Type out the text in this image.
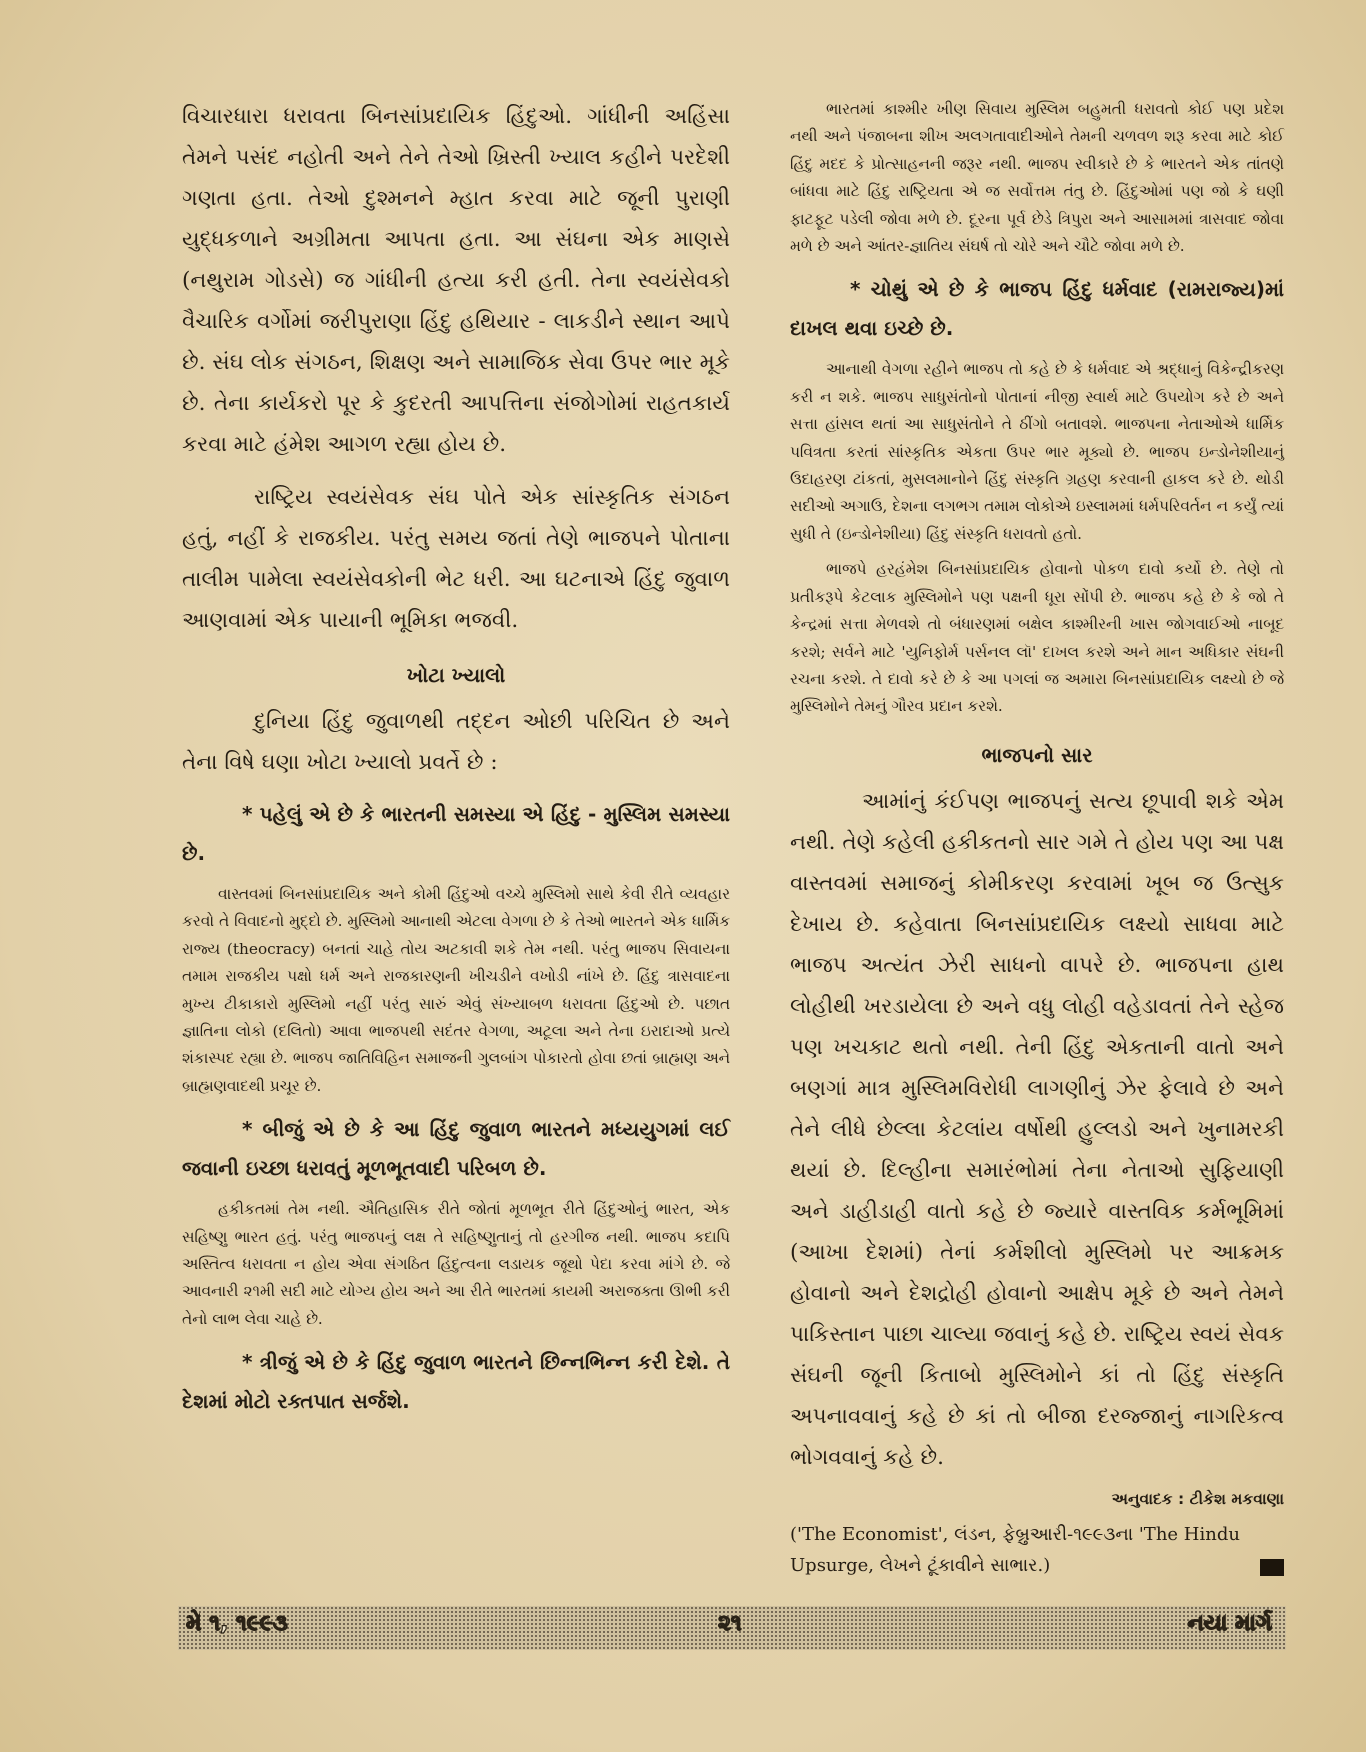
વિચારધારા ધરાવતા બિનસાંપ્રદાયિક હિંદુઓ. ગાંધીની અહિંસા તેમને પસંદ નહોતી અને તેને તેઓ ખ્રિસ્તી ખ્યાલ કહીને પરદેશી ગણતા હતા. તેઓ દુશ્મનને મ્હાત કરવા માટે જૂની પુરાણી યુદ્ધકળાને અગ્રીમતા આપતા હતા. આ સંઘના એક માણસે (નથુરામ ગોડસે) જ ગાંધીની હત્યા કરી હતી. તેના સ્વયંસેવકો વૈચારિક વર્ગોમાં જરીપુરાણા હિંદુ હથિયાર - લાકડીને સ્થાન આપે છે. સંઘ લોક સંગઠન, શિક્ષણ અને સામાજિક સેવા ઉપર ભાર મૂકે છે. તેના કાર્યકરો પૂર કે કુદરતી આપત્તિના સંજોગોમાં રાહતકાર્ય કરવા માટે હંમેશ આગળ રહ્યા હોય છે.

રાષ્ટ્રિય સ્વયંસેવક સંઘ પોતે એક સાંસ્કૃતિક સંગઠન હતું, નહીં કે રાજકીય. પરંતુ સમય જતાં તેણે ભાજપને પોતાના તાલીમ પામેલા સ્વયંસેવકોની ભેટ ધરી. આ ઘટનાએ હિંદુ જુવાળ આણવામાં એક પાયાની ભૂમિકા ભજવી.

ખોટા ખ્યાલો

દુનિયા હિંદુ જુવાળથી તદ્દન ઓછી પરિચિત છે અને તેના વિષે ઘણા ખોટા ખ્યાલો પ્રવર્તે છે :

* પહેલું એ છે કે ભારતની સમસ્યા એ હિંદુ - મુસ્લિમ સમસ્યા છે.

વાસ્તવમાં બિનસાંપ્રદાયિક અને કોમી હિંદુઓ વચ્ચે મુસ્લિમો સાથે કેવી રીતે વ્યવહાર કરવો તે વિવાદનો મુદ્દો છે. મુસ્લિમો આનાથી એટલા વેગળા છે કે તેઓ ભારતને એક ધાર્મિક રાજ્ય (theocracy) બનતાં ચાહે તોય અટકાવી શકે તેમ નથી. પરંતુ ભાજપ સિવાયના તમામ રાજકીય પક્ષો ધર્મ અને રાજકારણની ખીચડીને વખોડી નાંખે છે. હિંદુ ત્રાસવાદના મુખ્ય ટીકાકારો મુસ્લિમો નહીં પરંતુ સારું એવું સંખ્યાબળ ધરાવતા હિંદુઓ છે. પછાત જ્ઞાતિના લોકો (દલિતો) આવા ભાજપથી સદંતર વેગળા, અટૂલા અને તેના ઇરાદાઓ પ્રત્યે શંકાસ્પદ રહ્યા છે. ભાજપ જાતિવિહિન સમાજની ગુલબાંગ પોકારતો હોવા છતાં બ્રાહ્મણ અને બ્રાહ્મણવાદથી પ્રચૂર છે.

* બીજું એ છે કે આ હિંદુ જુવાળ ભારતને મધ્યયુગમાં લઈ જવાની ઇચ્છા ધરાવતું મૂળભૂતવાદી પરિબળ છે.

હકીકતમાં તેમ નથી. ઐતિહાસિક રીતે જોતાં મૂળભૂત રીતે હિંદુઓનું ભારત, એક સહિષ્ણુ ભારત હતું. પરંતુ ભાજપનું લક્ષ તે સહિષ્ણુતાનું તો હરગીજ નથી. ભાજપ કદાપિ અસ્તિત્વ ધરાવતા ન હોય એવા સંગઠિત હિંદુત્વના લડાયક જૂથો પેદા કરવા માંગે છે. જે આવનારી ૨૧મી સદી માટે યોગ્ય હોય અને આ રીતે ભારતમાં કાયમી અરાજક્તા ઊભી કરી તેનો લાભ લેવા ચાહે છે.

* ત્રીજું એ છે કે હિંદુ જુવાળ ભારતને છિન્નભિન્ન કરી દેશે. તે દેશમાં મોટો રક્તપાત સર્જશે.

ભારતમાં કાશ્મીર ખીણ સિવાય મુસ્લિમ બહુમતી ધરાવતો કોઈ પણ પ્રદેશ નથી અને પંજાબના શીખ અલગતાવાદીઓને તેમની ચળવળ શરૂ કરવા માટે કોઈ હિંદુ મદદ કે પ્રોત્સાહનની જરૂર નથી. ભાજપ સ્વીકારે છે કે ભારતને એક તાંતણે બાંધવા માટે હિંદુ રાષ્ટ્રિયતા એ જ સર્વોત્તમ તંતુ છે. હિંદુઓમાં પણ જો કે ઘણી ફાટફૂટ પડેલી જોવા મળે છે. દૂરના પૂર્વ છેડે ત્રિપુરા અને આસામમાં ત્રાસવાદ જોવા મળે છે અને આંતર-જ્ઞાતિય સંઘર્ષ તો ચોરે અને ચૌટે જોવા મળે છે.

* ચોથું એ છે કે ભાજપ હિંદુ ધર્મવાદ (રામરાજ્ય)માં દાખલ થવા ઇચ્છે છે.

આનાથી વેગળા રહીને ભાજપ તો કહે છે કે ધર્મવાદ એ શ્રદ્ધાનું વિકેન્દ્રીકરણ કરી ન શકે. ભાજપ સાધુસંતોનો પોતાનાં નીજી સ્વાર્થ માટે ઉપયોગ કરે છે અને સત્તા હાંસલ થતાં આ સાધુસંતોને તે ઠીંગો બતાવશે. ભાજપના નેતાઓએ ધાર્મિક પવિત્રતા કરતાં સાંસ્કૃતિક એકતા ઉપર ભાર મૂક્યો છે. ભાજપ ઇન્ડોનેશીયાનું ઉદાહરણ ટાંકતાં, મુસલમાનોને હિંદુ સંસ્કૃતિ ગ્રહણ કરવાની હાકલ કરે છે. થોડી સદીઓ અગાઉ, દેશના લગભગ તમામ લોકોએ ઇસ્લામમાં ધર્મપરિવર્તન ન કર્યું ત્યાં સુધી તે (ઇન્ડોનેશીયા) હિંદુ સંસ્કૃતિ ધરાવતો હતો.

ભાજપે હરહંમેશ બિનસાંપ્રદાયિક હોવાનો પોકળ દાવો કર્યો છે. તેણે તો પ્રતીકરૂપે કેટલાક મુસ્લિમોને પણ પક્ષની ધૂરા સોંપી છે. ભાજપ કહે છે કે જો તે કેન્દ્રમાં સત્તા મેળવશે તો બંધારણમાં બક્ષેલ કાશ્મીરની ખાસ જોગવાઈઓ નાબૂદ કરશે; સર્વને માટે 'યુનિફોર્મ પર્સનલ લૉ' દાખલ કરશે અને માન અધિકાર સંઘની રચના કરશે. તે દાવો કરે છે કે આ પગલાં જ અમારા બિનસાંપ્રદાયિક લક્ષ્યો છે જે મુસ્લિમોને તેમનું ગૌરવ પ્રદાન કરશે.

ભાજપનો સાર

આમાંનું કંઈપણ ભાજપનું સત્ય છૂપાવી શકે એમ નથી. તેણે કહેલી હકીકતનો સાર ગમે તે હોય પણ આ પક્ષ વાસ્તવમાં સમાજનું કોમીકરણ કરવામાં ખૂબ જ ઉત્સુક દેખાય છે. કહેવાતા બિનસાંપ્રદાયિક લક્ષ્યો સાધવા માટે ભાજપ અત્યંત ઝેરી સાધનો વાપરે છે. ભાજપના હાથ લોહીથી ખરડાયેલા છે અને વધુ લોહી વહેડાવતાં તેને સ્હેજ પણ ખચકાટ થતો નથી. તેની હિંદુ એકતાની વાતો અને બણગાં માત્ર મુસ્લિમવિરોધી લાગણીનું ઝેર ફેલાવે છે અને તેને લીધે છેલ્લા કેટલાંય વર્ષોથી હુલ્લડો અને ખુનામરકી થયાં છે. દિલ્હીના સમારંભોમાં તેના નેતાઓ સુફિયાણી અને ડાહીડાહી વાતો કહે છે જ્યારે વાસ્તવિક કર્મભૂમિમાં (આખા દેશમાં) તેનાં કર્મશીલો મુસ્લિમો પર આક્રમક હોવાનો અને દેશદ્રોહી હોવાનો આક્ષેપ મૂકે છે અને તેમને પાકિસ્તાન પાછા ચાલ્યા જવાનું કહે છે. રાષ્ટ્રિય સ્વયં સેવક સંઘની જૂની કિતાબો મુસ્લિમોને કાં તો હિંદુ સંસ્કૃતિ અપનાવવાનું કહે છે કાં તો બીજા દરજ્જાનું નાગરિકત્વ ભોગવવાનું કહે છે.

અનુવાદક : ટીકેશ મકવાણા

('The Economist', લંડન, ફેબ્રુઆરી-૧૯૯૩ના 'The Hindu Upsurge, લેખને ટૂંકાવીને સાભાર.)

મે ૧, ૧૯૯૩	૨૧	નયા માર્ગ
